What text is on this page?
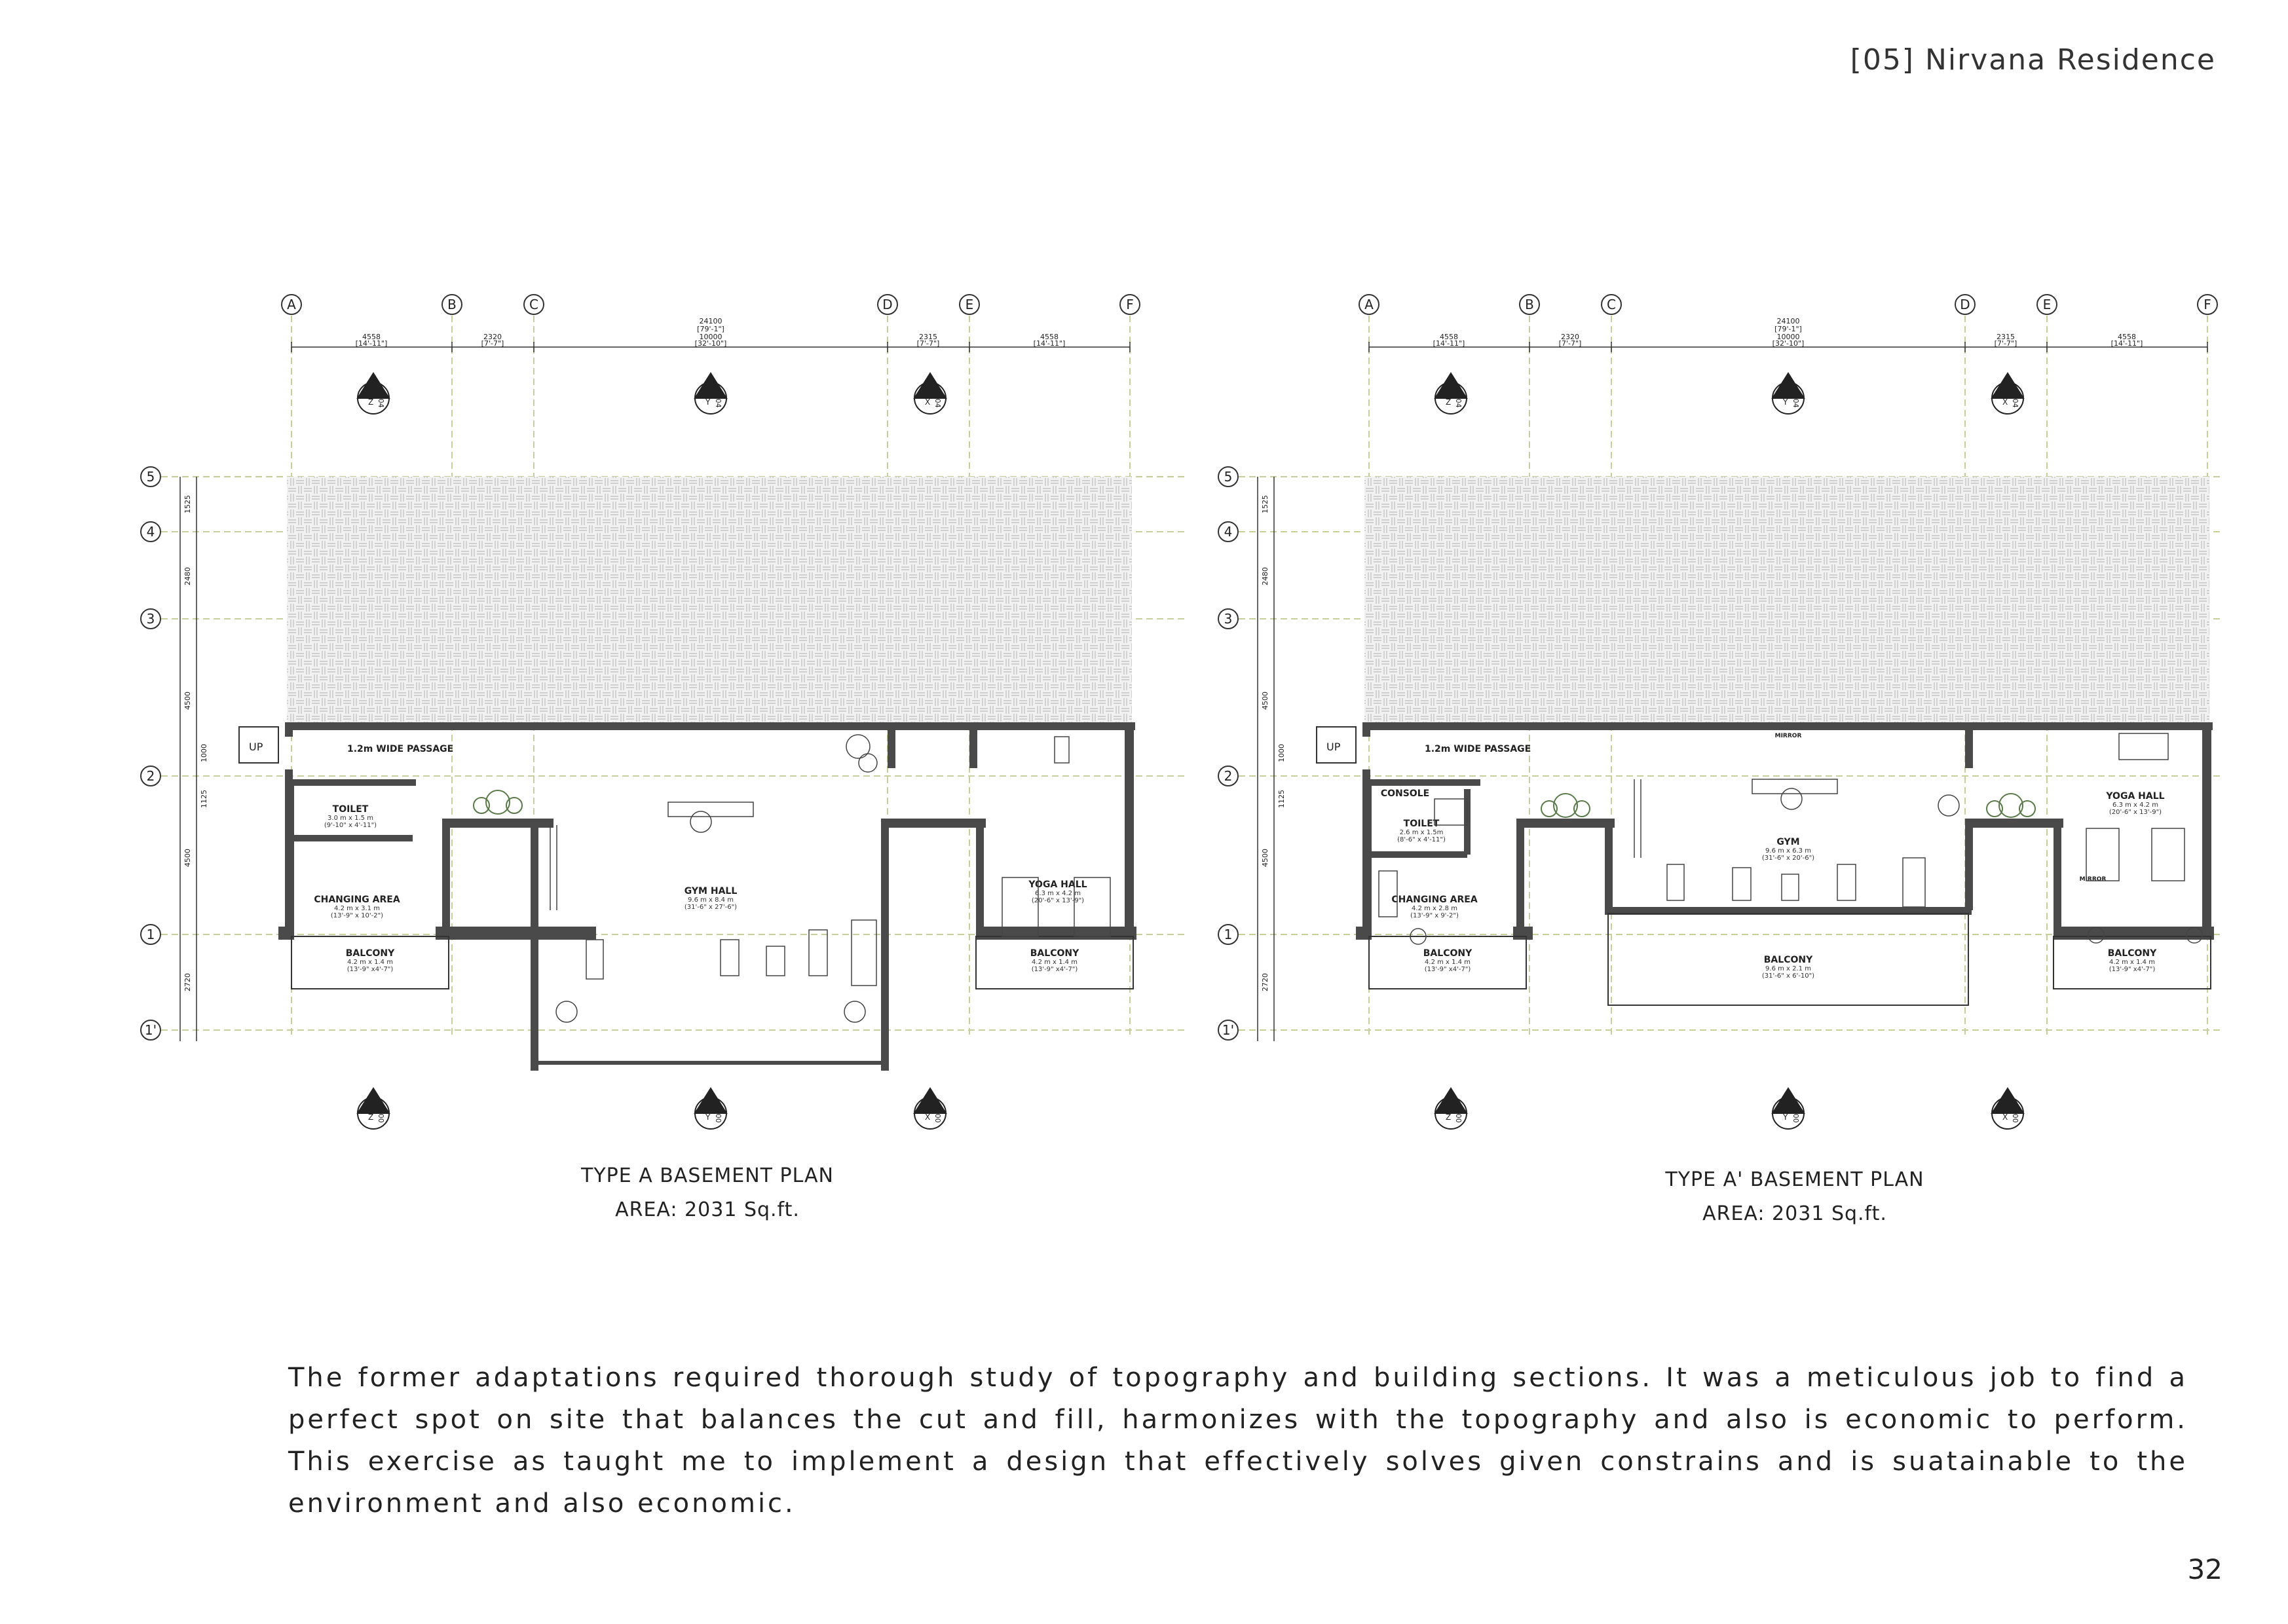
[05] Nirvana Residence
A	B	C	D	E	F
5
4
3
2
1
1'
24100
[79'-1"]
4558
[14'-11"]
2320
[7'-7"]
10000
[32'-10"]
2315
[7'-7"]
4558
[14'-11"]
1525
2480
4500
1000
1125
4500
2720
Z AR04	Y AR04	X AR04
UP	1.2m WIDE PASSAGE
TOILET
CHANGING AREA
GYM HALL
YOGA HALL
BALCONY	BALCONY
3.0 m x 1.5 m
(9'-10" x 4'-11")
4.2 m x 3.1 m
(13'-9" x 10'-2")
9.6 m x 8.4 m
(31'-6" x 27'-6")
6.3 m x 4.2 m
(20'-6" x 13'-9")
4.2 m x 1.4 m
(13'-9" x4'-7")
4.2 m x 1.4 m
(13'-9" x4'-7")
Z AR00	Y AR00	X AR00
TYPE A BASEMENT PLAN
AREA: 2031 Sq.ft.
A	B	C	D	E	F
5
4
3
2
1
1'
24100
[79'-1"]
4558
[14'-11"]
2320
[7'-7"]
10000
[32'-10"]
2315
[7'-7"]
4558
[14'-11"]
1525
2480
4500
1000
1125
4500
2720
Z AR04	Y AR04	X AR04
UP	1.2m WIDE PASSAGE
MIRROR
MIRROR
CONSOLE
TOILET
CHANGING AREA
GYM
YOGA HALL
BALCONY
BALCONY
BALCONY
2.6 m x 1.5m
(8'-6" x 4'-11")
4.2 m x 2.8 m
(13'-9" x 9'-2")
9.6 m x 6.3 m
(31'-6" x 20'-6")
6.3 m x 4.2 m
(20'-6" x 13'-9")
4.2 m x 1.4 m
(13'-9" x4'-7")	9.6 m x 2.1 m
(31'-6" x 6'-10")
4.2 m x 1.4 m
(13'-9" x4'-7")
Z AR00	Y AR00	X AR00
TYPE A' BASEMENT PLAN
AREA: 2031 Sq.ft.
The former adaptations required thorough study of topography and building sections. It was a meticulous job to find a perfect spot on site that balances the cut and fill, harmonizes with the topography and also is economic to perform. This exercise as taught me to implement a design that effectively solves given constrains and is suatainable to the environment and also economic.
32
